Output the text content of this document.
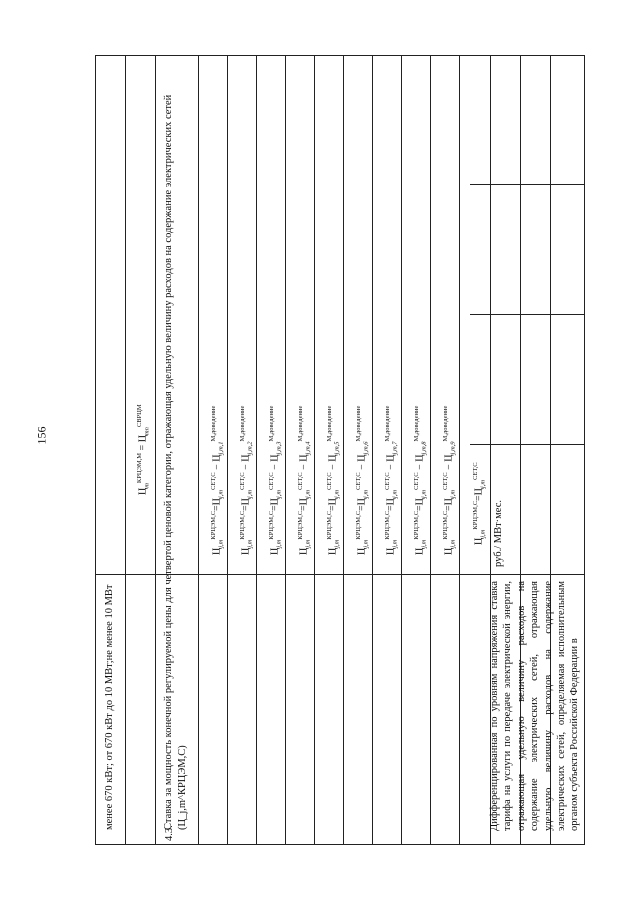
156
менее 670 кВт; от 670 кВт до 10 МВт;не менее 10 МВт
$Ц_m^{КРЦЭМ,М} = Ц_{mn}^{СВРЦМ}$
4.3.
Ставка за мощность конечной регулируемой цены для четвертой ценовой категории, отражающая удельную величину расходов на содержание электрических сетей (Ц_j,m^КРЦЭМ,С)
$Ц_{j,m}^{КРЦЭМ,С}=Ц_{j,m}^{СЕТ,С} - Ц_{j,m,1}^{М,доведение}$
$Ц_{j,m}^{КРЦЭМ,С}=Ц_{j,m}^{СЕТ,С} - Ц_{j,m,2}^{М,доведение}$
$Ц_{j,m}^{КРЦЭМ,С}=Ц_{j,m}^{СЕТ,С} - Ц_{j,m,3}^{М,доведение}$
$Ц_{j,m}^{КРЦЭМ,С}=Ц_{j,m}^{СЕТ,С} - Ц_{j,m,4}^{М,доведение}$
$Ц_{j,m}^{КРЦЭМ,С}=Ц_{j,m}^{СЕТ,С} - Ц_{j,m,5}^{М,доведение}$
$Ц_{j,m}^{КРЦЭМ,С}=Ц_{j,m}^{СЕТ,С} - Ц_{j,m,6}^{М,доведение}$
$Ц_{j,m}^{КРЦЭМ,С}=Ц_{j,m}^{СЕТ,С} - Ц_{j,m,7}^{М,доведение}$
$Ц_{j,m}^{КРЦЭМ,С}=Ц_{j,m}^{СЕТ,С} - Ц_{j,m,8}^{М,доведение}$
$Ц_{j,m}^{КРЦЭМ,С}=Ц_{j,m}^{СЕТ,С} - Ц_{j,m,9}^{М,доведение}$
$Ц_{j,m}^{КРЦЭМ,С}=Ц_{j,m}^{СЕТ,С}$
Дифференцированная по уровням напряжения ставка тарифа на услуги по передаче электрической энергии, отражающая удельную величину расходов на содержание электрических сетей, отражающая удельную величину расходов на содержание электрических сетей, определяемая исполнительным органом субъекта Российской Федерации в
руб./ МВт·мес.
